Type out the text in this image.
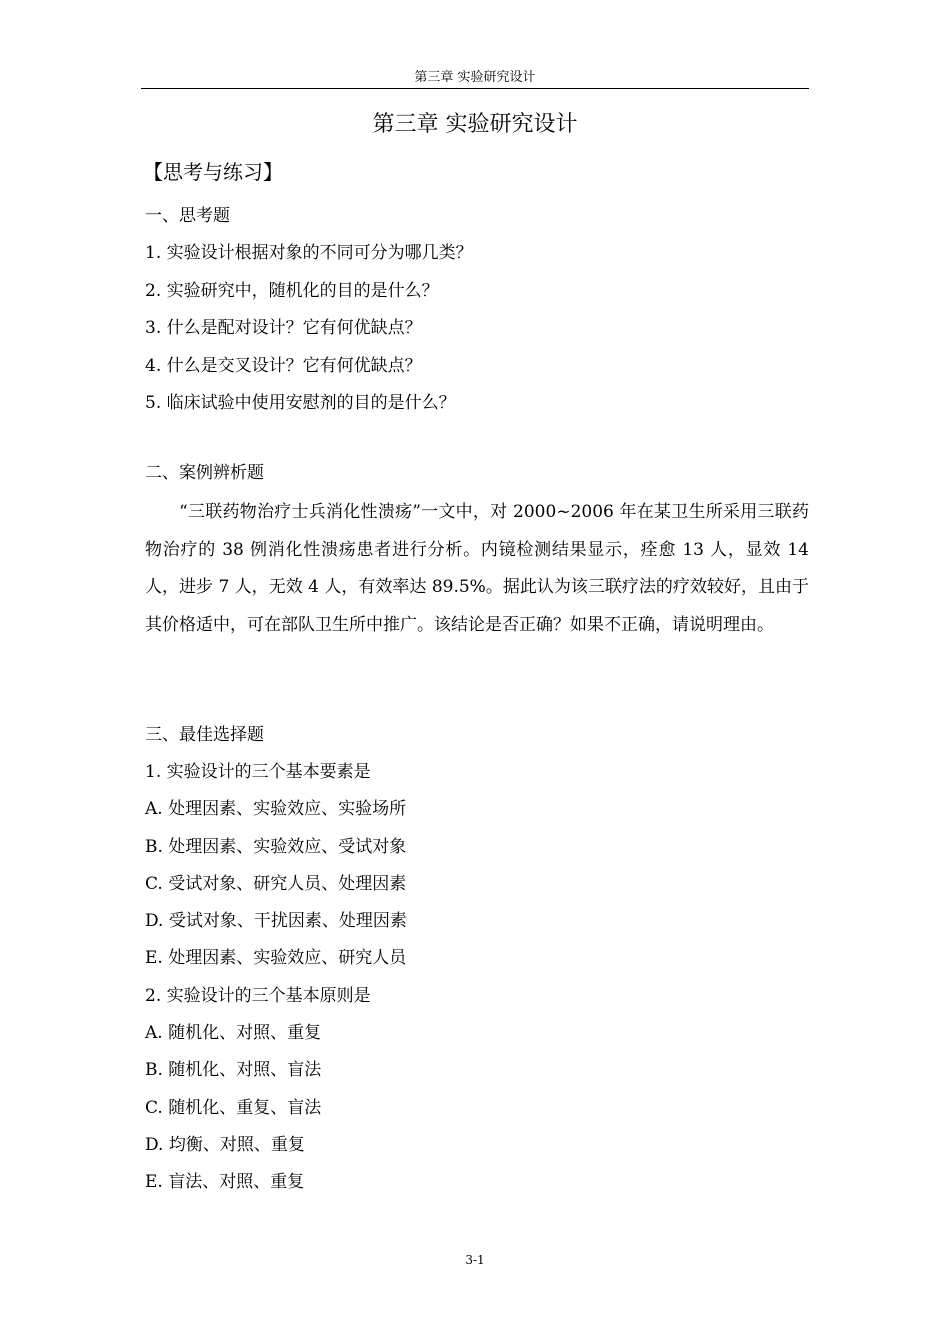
第三章 实验研究设计
第三章 实验研究设计
【思考与练习】
一、思考题
1. 实验设计根据对象的不同可分为哪几类？
2. 实验研究中，随机化的目的是什么？
3. 什么是配对设计？它有何优缺点？
4. 什么是交叉设计？它有何优缺点？
5. 临床试验中使用安慰剂的目的是什么？
二、案例辨析题
“三联药物治疗士兵消化性溃疡”一文中，对 2000~2006 年在某卫生所采用三联药物治疗的 38 例消化性溃疡患者进行分析。内镜检测结果显示，痊愈 13 人，显效 14 人，进步 7 人，无效 4 人，有效率达 89.5%。据此认为该三联疗法的疗效较好，且由于其价格适中，可在部队卫生所中推广。该结论是否正确？如果不正确，请说明理由。
三、最佳选择题
1. 实验设计的三个基本要素是
A. 处理因素、实验效应、实验场所
B. 处理因素、实验效应、受试对象
C. 受试对象、研究人员、处理因素
D. 受试对象、干扰因素、处理因素
E. 处理因素、实验效应、研究人员
2. 实验设计的三个基本原则是
A. 随机化、对照、重复
B. 随机化、对照、盲法
C. 随机化、重复、盲法
D. 均衡、对照、重复
E. 盲法、对照、重复
3-1
